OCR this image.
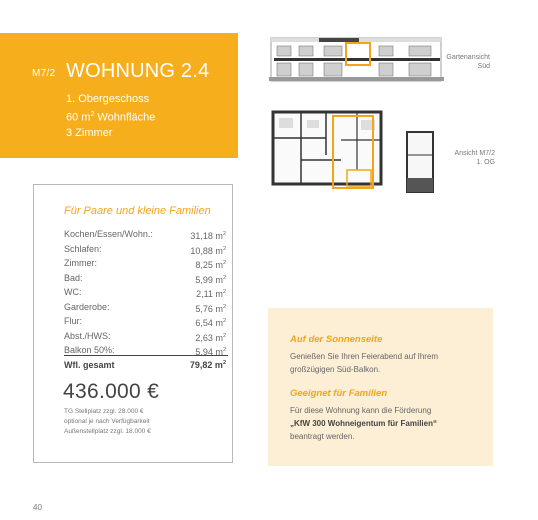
M7/2 WOHNUNG 2.4
1. Obergeschoss
60 $m^2$ Wohnfläche
3 Zimmer
Gartenansicht
Süd
Ansicht M7/2
1. OG
Für Paare und kleine Familien
Kochen/Essen/Wohn.:	31,18 $m^2$
Schlafen:	10,88 $m^2$
Zimmer:	8,25 $m^2$
Bad:	5,99 $m^2$
WC:	2,11 $m^2$
Garderobe:	5,76 $m^2$
Flur:	6,54 $m^2$
Abst./HWS:	2,63 $m^2$
Balkon 50%:	5,94 $m^2$
Wfl. gesamt	79,82 $m^2$
436.000 €
TG Stellplatz zzgl. 28.000 €
optional je nach Verfügbarkeit
Außenstellplatz zzgl. 18.000 €
Auf der Sonnenseite
Genießen Sie Ihren Feierabend auf Ihrem großzügigen Süd-Balkon.
Geeignet für Familien
Für diese Wohnung kann die Förderung
„KfW 300 Wohneigentum für Familien“
beantragt werden.
40
